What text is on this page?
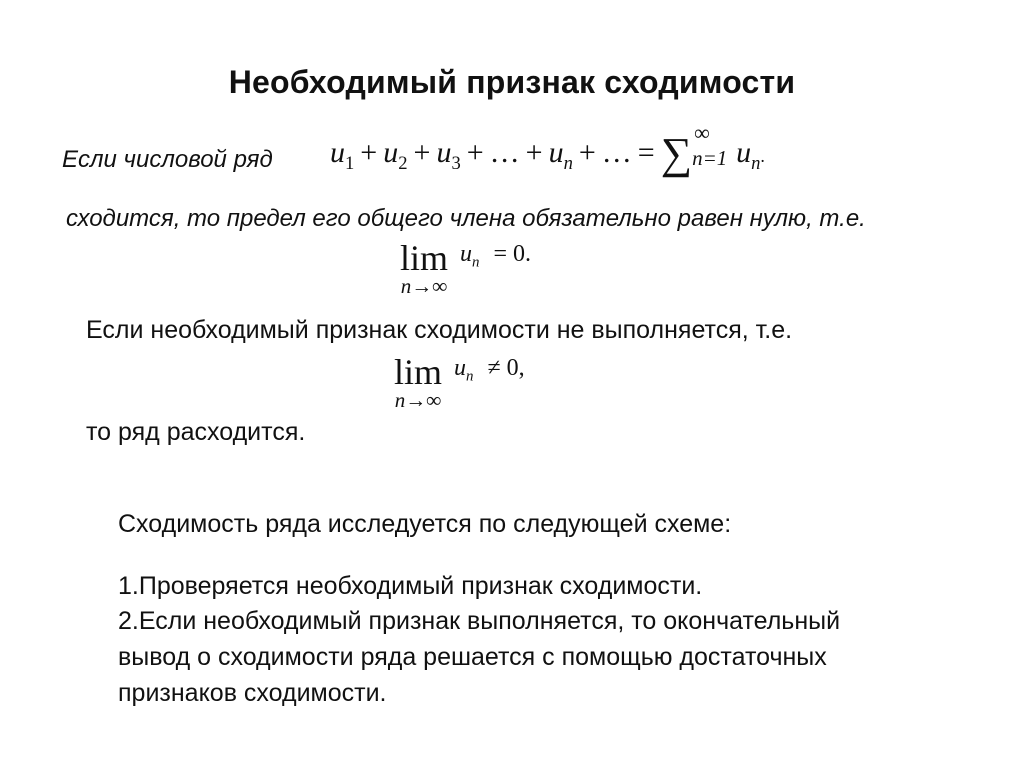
Необходимый признак сходимости
Если числовой ряд $u_1 + u_2 + u_3$ + … + $u_n$ + … = ∑ ∞
n=1 $u_n$.
сходится, то предел его общего члена обязательно равен нулю, т.е.
lim
n→∞
$u_n = 0$.
Если необходимый признак сходимости не выполняется, т.е.
lim
n→∞
$u_n \ne 0$,
то ряд расходится.
Сходимость ряда исследуется по следующей схеме:
1.Проверяется необходимый признак сходимости.
2.Если необходимый признак выполняется, то окончательный
вывод о сходимости ряда решается с помощью достаточных
признаков сходимости.
